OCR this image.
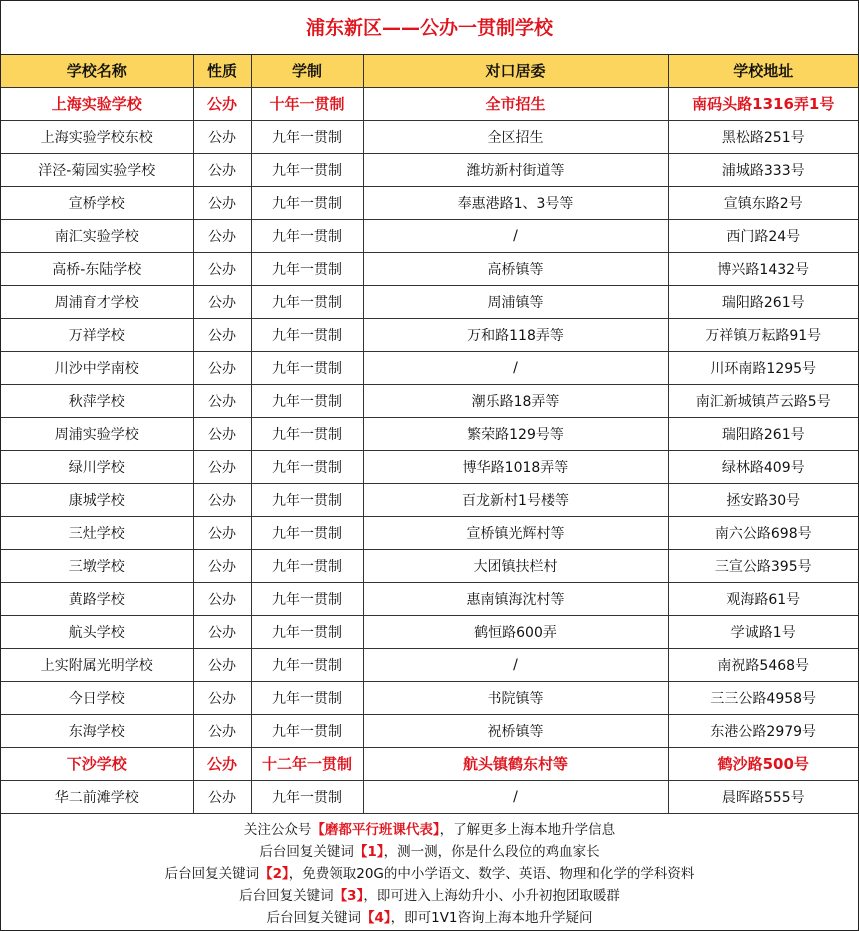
浦东新区——公办一贯制学校
学校名称	性质	学制	对口居委	学校地址
上海实验学校	公办	十年一贯制	全市招生	南码头路1316弄1号
上海实验学校东校	公办	九年一贯制	全区招生	黑松路251号
洋泾-菊园实验学校	公办	九年一贯制	潍坊新村街道等	浦城路333号
宣桥学校	公办	九年一贯制	奉惠港路1、3号等	宣镇东路2号
南汇实验学校	公办	九年一贯制	/	西门路24号
高桥-东陆学校	公办	九年一贯制	高桥镇等	博兴路1432号
周浦育才学校	公办	九年一贯制	周浦镇等	瑞阳路261号
万祥学校	公办	九年一贯制	万和路118弄等	万祥镇万耘路91号
川沙中学南校	公办	九年一贯制	/	川环南路1295号
秋萍学校	公办	九年一贯制	潮乐路18弄等	南汇新城镇芦云路5号
周浦实验学校	公办	九年一贯制	繁荣路129号等	瑞阳路261号
绿川学校	公办	九年一贯制	博华路1018弄等	绿林路409号
康城学校	公办	九年一贯制	百龙新村1号楼等	拯安路30号
三灶学校	公办	九年一贯制	宣桥镇光辉村等	南六公路698号
三墩学校	公办	九年一贯制	大团镇扶栏村	三宣公路395号
黄路学校	公办	九年一贯制	惠南镇海沈村等	观海路61号
航头学校	公办	九年一贯制	鹤恒路600弄	学诚路1号
上实附属光明学校	公办	九年一贯制	/	南祝路5468号
今日学校	公办	九年一贯制	书院镇等	三三公路4958号
东海学校	公办	九年一贯制	祝桥镇等	东港公路2979号
下沙学校	公办	十二年一贯制	航头镇鹤东村等	鹤沙路500号
华二前滩学校	公办	九年一贯制	/	晨晖路555号
关注公众号【磨都平行班课代表】，了解更多上海本地升学信息
后台回复关键词【1】，测一测，你是什么段位的鸡血家长
后台回复关键词【2】，免费领取20G的中小学语文、数学、英语、物理和化学的学科资料
后台回复关键词【3】，即可进入上海幼升小、小升初抱团取暖群
后台回复关键词【4】，即可1V1咨询上海本地升学疑问
